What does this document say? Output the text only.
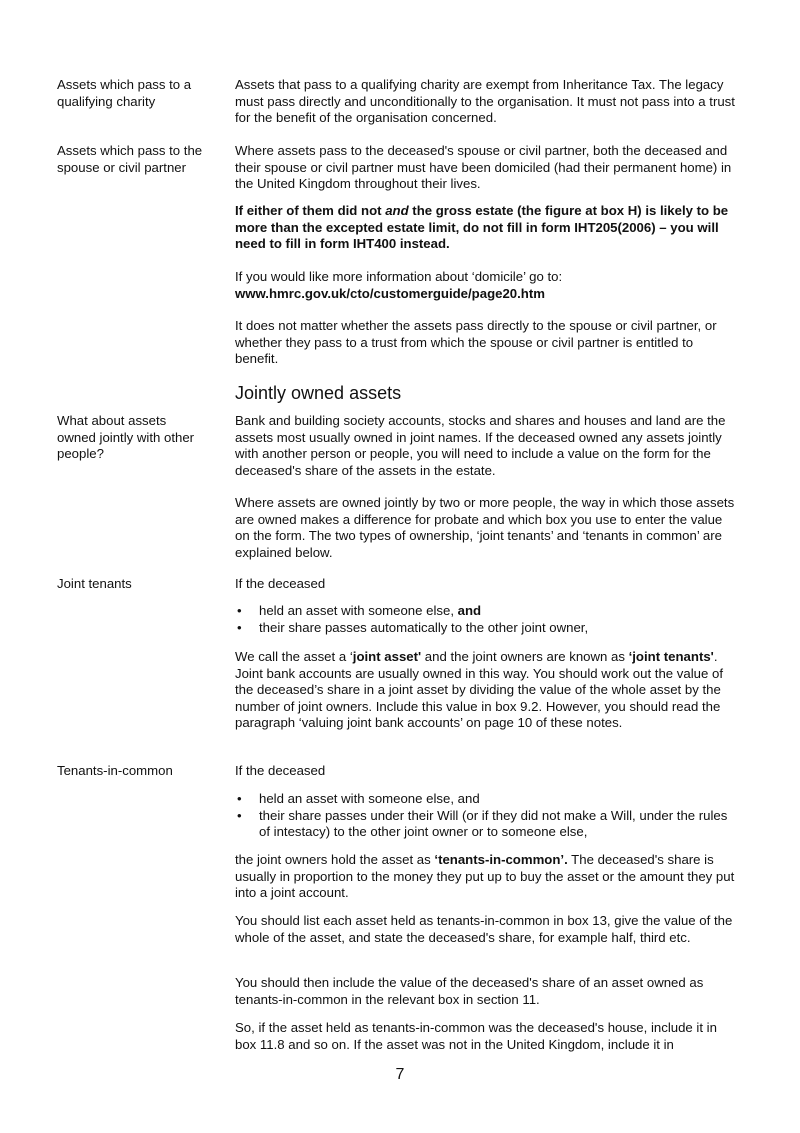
Assets which pass to a qualifying charity

Assets that pass to a qualifying charity are exempt from Inheritance Tax. The legacy must pass directly and unconditionally to the organisation. It must not pass into a trust for the benefit of the organisation concerned.

Assets which pass to the spouse or civil partner

Where assets pass to the deceased's spouse or civil partner, both the deceased and their spouse or civil partner must have been domiciled (had their permanent home) in the United Kingdom throughout their lives.

If either of them did not and the gross estate (the figure at box H) is likely to be more than the excepted estate limit, do not fill in form IHT205(2006) – you will need to fill in form IHT400 instead.

If you would like more information about ‘domicile’ go to:

www.hmrc.gov.uk/cto/customerguide/page20.htm

It does not matter whether the assets pass directly to the spouse or civil partner, or whether they pass to a trust from which the spouse or civil partner is entitled to benefit.

Jointly owned assets
What about assets owned jointly with other people?

Bank and building society accounts, stocks and shares and houses and land are the assets most usually owned in joint names. If the deceased owned any assets jointly with another person or people, you will need to include a value on the form for the deceased's share of the assets in the estate.

Where assets are owned jointly by two or more people, the way in which those assets are owned makes a difference for probate and which box you use to enter the value on the form. The two types of ownership, ‘joint tenants’ and ‘tenants in common’ are explained below.

Joint tenants	If the deceased

• held an asset with someone else, and
• their share passes automatically to the other joint owner,

We call the asset a ‘joint asset' and the joint owners are known as ‘joint tenants'. Joint bank accounts are usually owned in this way. You should work out the value of the deceased’s share in a joint asset by dividing the value of the whole asset by the number of joint owners. Include this value in box 9.2. However, you should read the paragraph ‘valuing joint bank accounts’ on page 10 of these notes.

Tenants-in-common	If the deceased

• held an asset with someone else, and
• their share passes under their Will (or if they did not make a Will, under the rules of intestacy) to the other joint owner or to someone else,

the joint owners hold the asset as ‘tenants-in-common’. The deceased's share is usually in proportion to the money they put up to buy the asset or the amount they put into a joint account.

You should list each asset held as tenants-in-common in box 13, give the value of the whole of the asset, and state the deceased's share, for example half, third etc.

You should then include the value of the deceased's share of an asset owned as tenants-in-common in the relevant box in section 11.

So, if the asset held as tenants-in-common was the deceased's house, include it in box 11.8 and so on. If the asset was not in the United Kingdom, include it in

7
